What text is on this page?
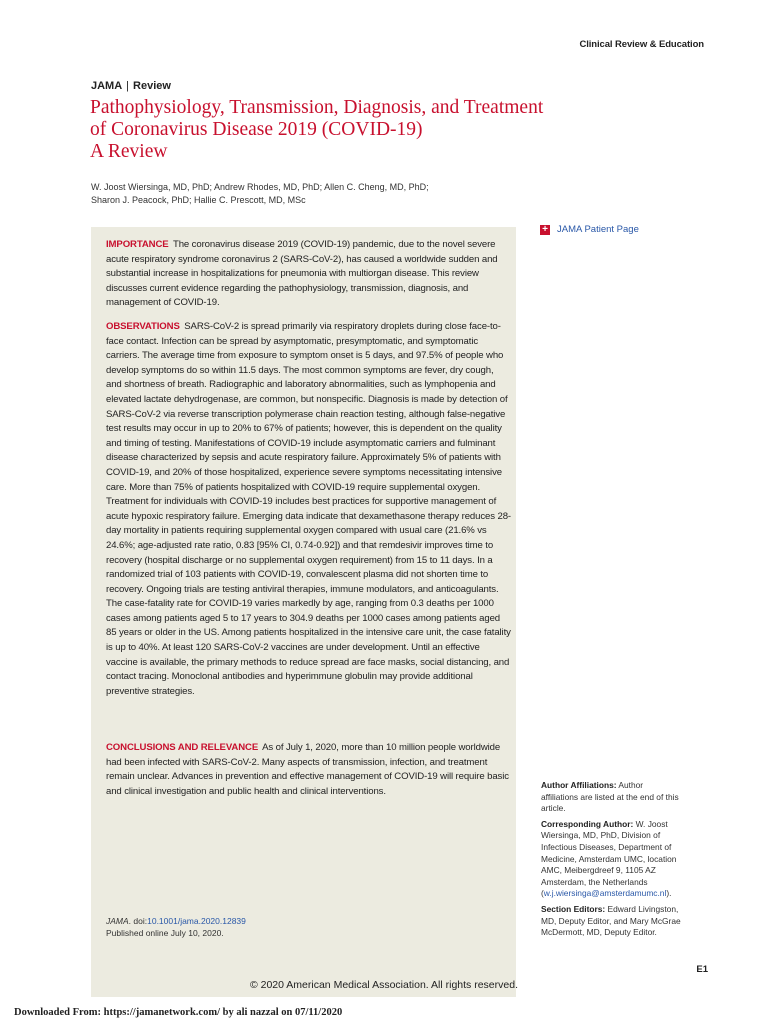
Clinical Review & Education
JAMA | Review
Pathophysiology, Transmission, Diagnosis, and Treatment
of Coronavirus Disease 2019 (COVID-19)
A Review
W. Joost Wiersinga, MD, PhD; Andrew Rhodes, MD, PhD; Allen C. Cheng, MD, PhD;
Sharon J. Peacock, PhD; Hallie C. Prescott, MD, MSc

IMPORTANCE The coronavirus disease 2019 (COVID-19) pandemic, due to the novel severe acute respiratory syndrome coronavirus 2 (SARS-CoV-2), has caused a worldwide sudden and substantial increase in hospitalizations for pneumonia with multiorgan disease. This review discusses current evidence regarding the pathophysiology, transmission, diagnosis, and management of COVID-19.

OBSERVATIONS SARS-CoV-2 is spread primarily via respiratory droplets during close face-to-face contact. Infection can be spread by asymptomatic, presymptomatic, and symptomatic carriers. The average time from exposure to symptom onset is 5 days, and 97.5% of people who develop symptoms do so within 11.5 days. The most common symptoms are fever, dry cough, and shortness of breath. Radiographic and laboratory abnormalities, such as lymphopenia and elevated lactate dehydrogenase, are common, but nonspecific. Diagnosis is made by detection of SARS-CoV-2 via reverse transcription polymerase chain reaction testing, although false-negative test results may occur in up to 20% to 67% of patients; however, this is dependent on the quality and timing of testing. Manifestations of COVID-19 include asymptomatic carriers and fulminant disease characterized by sepsis and acute respiratory failure. Approximately 5% of patients with COVID-19, and 20% of those hospitalized, experience severe symptoms necessitating intensive care. More than 75% of patients hospitalized with COVID-19 require supplemental oxygen. Treatment for individuals with COVID-19 includes best practices for supportive management of acute hypoxic respiratory failure. Emerging data indicate that dexamethasone therapy reduces 28-day mortality in patients requiring supplemental oxygen compared with usual care (21.6% vs 24.6%; age-adjusted rate ratio, 0.83 [95% CI, 0.74-0.92]) and that remdesivir improves time to recovery (hospital discharge or no supplemental oxygen requirement) from 15 to 11 days. In a randomized trial of 103 patients with COVID-19, convalescent plasma did not shorten time to recovery. Ongoing trials are testing antiviral therapies, immune modulators, and anticoagulants. The case-fatality rate for COVID-19 varies markedly by age, ranging from 0.3 deaths per 1000 cases among patients aged 5 to 17 years to 304.9 deaths per 1000 cases among patients aged 85 years or older in the US. Among patients hospitalized in the intensive care unit, the case fatality is up to 40%. At least 120 SARS-CoV-2 vaccines are under development. Until an effective vaccine is available, the primary methods to reduce spread are face masks, social distancing, and contact tracing. Monoclonal antibodies and hyperimmune globulin may provide additional preventive strategies.

CONCLUSIONS AND RELEVANCE As of July 1, 2020, more than 10 million people worldwide had been infected with SARS-CoV-2. Many aspects of transmission, infection, and treatment remain unclear. Advances in prevention and effective management of COVID-19 will require basic and clinical investigation and public health and clinical interventions.

JAMA. doi:10.1001/jama.2020.12839
Published online July 10, 2020.
© 2020 American Medical Association. All rights reserved.
+ JAMA Patient Page

Author Affiliations: Author affiliations are listed at the end of this article.

Corresponding Author: W. Joost Wiersinga, MD, PhD, Division of Infectious Diseases, Department of Medicine, Amsterdam UMC, location AMC, Meibergdreef 9, 1105 AZ Amsterdam, the Netherlands (w.j.wiersinga@amsterdamumc.nl).

Section Editors: Edward Livingston, MD, Deputy Editor, and Mary McGrae McDermott, MD, Deputy Editor.

E1
Downloaded From: https://jamanetwork.com/ by ali nazzal on 07/11/2020
